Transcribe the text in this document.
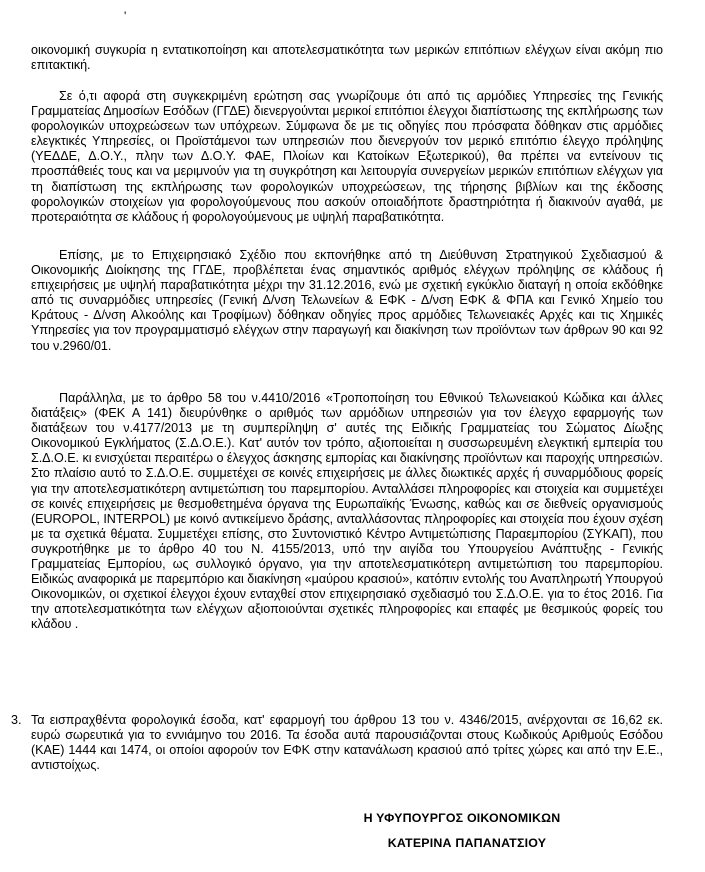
'

οικονομική συγκυρία η εντατικοποίηση και αποτελεσματικότητα των μερικών επιτόπιων ελέγχων είναι ακόμη πιο επιτακτική.

Σε ό,τι αφορά στη συγκεκριμένη ερώτηση σας γνωρίζουμε ότι από τις αρμόδιες Υπηρεσίες της Γενικής Γραμματείας Δημοσίων Εσόδων (ΓΓΔΕ) διενεργούνται μερικοί επιτόπιοι έλεγχοι διαπίστωσης της εκπλήρωσης των φορολογικών υποχρεώσεων των υπόχρεων. Σύμφωνα δε με τις οδηγίες που πρόσφατα δόθηκαν στις αρμόδιες ελεγκτικές Υπηρεσίες, οι Προϊστάμενοι των υπηρεσιών που διενεργούν τον μερικό επιτόπιο έλεγχο πρόληψης (ΥΕΔΔΕ, Δ.Ο.Υ., πλην των Δ.Ο.Υ. ΦΑΕ, Πλοίων και Κατοίκων Εξωτερικού), θα πρέπει να εντείνουν τις προσπάθειές τους και να μεριμνούν για τη συγκρότηση και λειτουργία συνεργείων μερικών επιτόπιων ελέγχων για τη διαπίστωση της εκπλήρωσης των φορολογικών υποχρεώσεων, της τήρησης βιβλίων και της έκδοσης φορολογικών στοιχείων για φορολογούμενους που ασκούν οποιαδήποτε δραστηριότητα ή διακινούν αγαθά, με προτεραιότητα σε κλάδους ή φορολογούμενους με υψηλή παραβατικότητα.

Επίσης, με το Επιχειρησιακό Σχέδιο που εκπονήθηκε από τη Διεύθυνση Στρατηγικού Σχεδιασμού & Οικονομικής Διοίκησης της ΓΓΔΕ, προβλέπεται ένας σημαντικός αριθμός ελέγχων πρόληψης σε κλάδους ή επιχειρήσεις με υψηλή παραβατικότητα μέχρι την 31.12.2016, ενώ με σχετική εγκύκλιο διαταγή η οποία εκδόθηκε από τις συναρμόδιες υπηρεσίες (Γενική Δ/νση Τελωνείων & ΕΦΚ - Δ/νση ΕΦΚ & ΦΠΑ και Γενικό Χημείο του Κράτους - Δ/νση Αλκοόλης και Τροφίμων) δόθηκαν οδηγίες προς αρμόδιες Τελωνειακές Αρχές και τις Χημικές Υπηρεσίες για τον προγραμματισμό ελέγχων στην παραγωγή και διακίνηση των προϊόντων των άρθρων 90 και 92 του ν.2960/01.

Παράλληλα, με το άρθρο 58 του ν.4410/2016 «Τροποποίηση του Εθνικού Τελωνειακού Κώδικα και άλλες διατάξεις» (ΦΕΚ Α 141) διευρύνθηκε ο αριθμός των αρμόδιων υπηρεσιών για τον έλεγχο εφαρμογής των διατάξεων του ν.4177/2013 με τη συμπερίληψη σ' αυτές της Ειδικής Γραμματείας του Σώματος Δίωξης Οικονομικού Εγκλήματος (Σ.Δ.Ο.Ε.). Κατ' αυτόν τον τρόπο, αξιοποιείται η συσσωρευμένη ελεγκτική εμπειρία του Σ.Δ.Ο.Ε. κι ενισχύεται περαιτέρω ο έλεγχος άσκησης εμπορίας και διακίνησης προϊόντων και παροχής υπηρεσιών. Στο πλαίσιο αυτό το Σ.Δ.Ο.Ε. συμμετέχει σε κοινές επιχειρήσεις με άλλες διωκτικές αρχές ή συναρμόδιους φορείς για την αποτελεσματικότερη αντιμετώπιση του παρεμπορίου. Ανταλλάσει πληροφορίες και στοιχεία και συμμετέχει σε κοινές επιχειρήσεις με θεσμοθετημένα όργανα της Ευρωπαϊκής Ένωσης, καθώς και σε διεθνείς οργανισμούς (EUROPOL, INTERPOL) με κοινό αντικείμενο δράσης, ανταλλάσοντας πληροφορίες και στοιχεία που έχουν σχέση με τα σχετικά θέματα. Συμμετέχει επίσης, στο Συντονιστικό Κέντρο Αντιμετώπισης Παραεμπορίου (ΣΥΚΑΠ), που συγκροτήθηκε με το άρθρο 40 του Ν. 4155/2013, υπό την αιγίδα του Υπουργείου Ανάπτυξης - Γενικής Γραμματείας Εμπορίου, ως συλλογικό όργανο, για την αποτελεσματικότερη αντιμετώπιση του παρεμπορίου. Ειδικώς αναφορικά με παρεμπόριο και διακίνηση «μαύρου κρασιού», κατόπιν εντολής του Αναπληρωτή Υπουργού Οικονομικών, οι σχετικοί έλεγχοι έχουν ενταχθεί στον επιχειρησιακό σχεδιασμό του Σ.Δ.Ο.Ε. για το έτος 2016. Για την αποτελεσματικότητα των ελέγχων αξιοποιούνται σχετικές πληροφορίες και επαφές με θεσμικούς φορείς του κλάδου .

3. Τα εισπραχθέντα φορολογικά έσοδα, κατ' εφαρμογή του άρθρου 13 του ν. 4346/2015, ανέρχονται σε 16,62 εκ. ευρώ σωρευτικά για το εννιάμηνο του 2016. Τα έσοδα αυτά παρουσιάζονται στους Κωδικούς Αριθμούς Εσόδου (ΚΑΕ) 1444 και 1474, οι οποίοι αφορούν τον ΕΦΚ στην κατανάλωση κρασιού από τρίτες χώρες και από την Ε.Ε., αντιστοίχως.

Η ΥΦΥΠΟΥΡΓΟΣ ΟΙΚΟΝΟΜΙΚΩΝ
ΚΑΤΕΡΙΝΑ ΠΑΠΑΝΑΤΣΙΟΥ
